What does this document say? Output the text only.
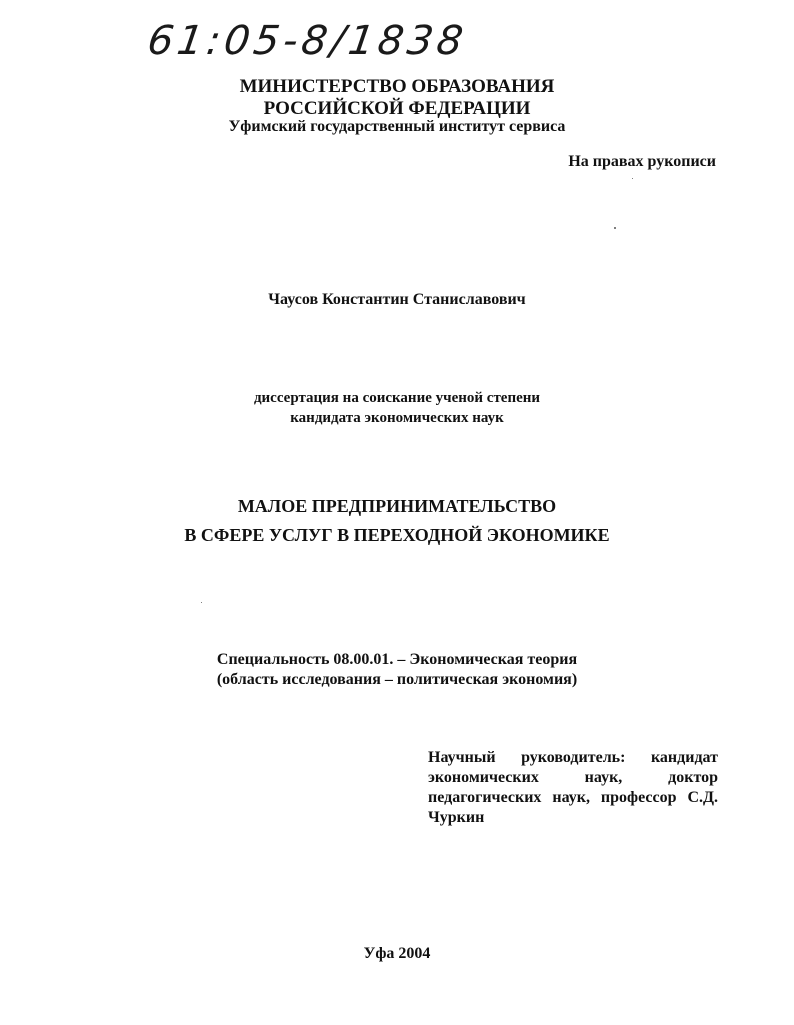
61:05-8/1838
МИНИСТЕРСТВО ОБРАЗОВАНИЯ
РОССИЙСКОЙ ФЕДЕРАЦИИ
Уфимский государственный институт сервиса
На правах рукописи
Чаусов Константин Станиславович
диссертация на соискание ученой степени
кандидата экономических наук
МАЛОЕ ПРЕДПРИНИМАТЕЛЬСТВО
В СФЕРЕ УСЛУГ В ПЕРЕХОДНОЙ ЭКОНОМИКЕ
Специальность 08.00.01. – Экономическая теория
(область исследования – политическая экономия)
Научный руководитель: кандидат экономических наук, доктор педагогических наук, профессор С.Д. Чуркин
Уфа 2004
